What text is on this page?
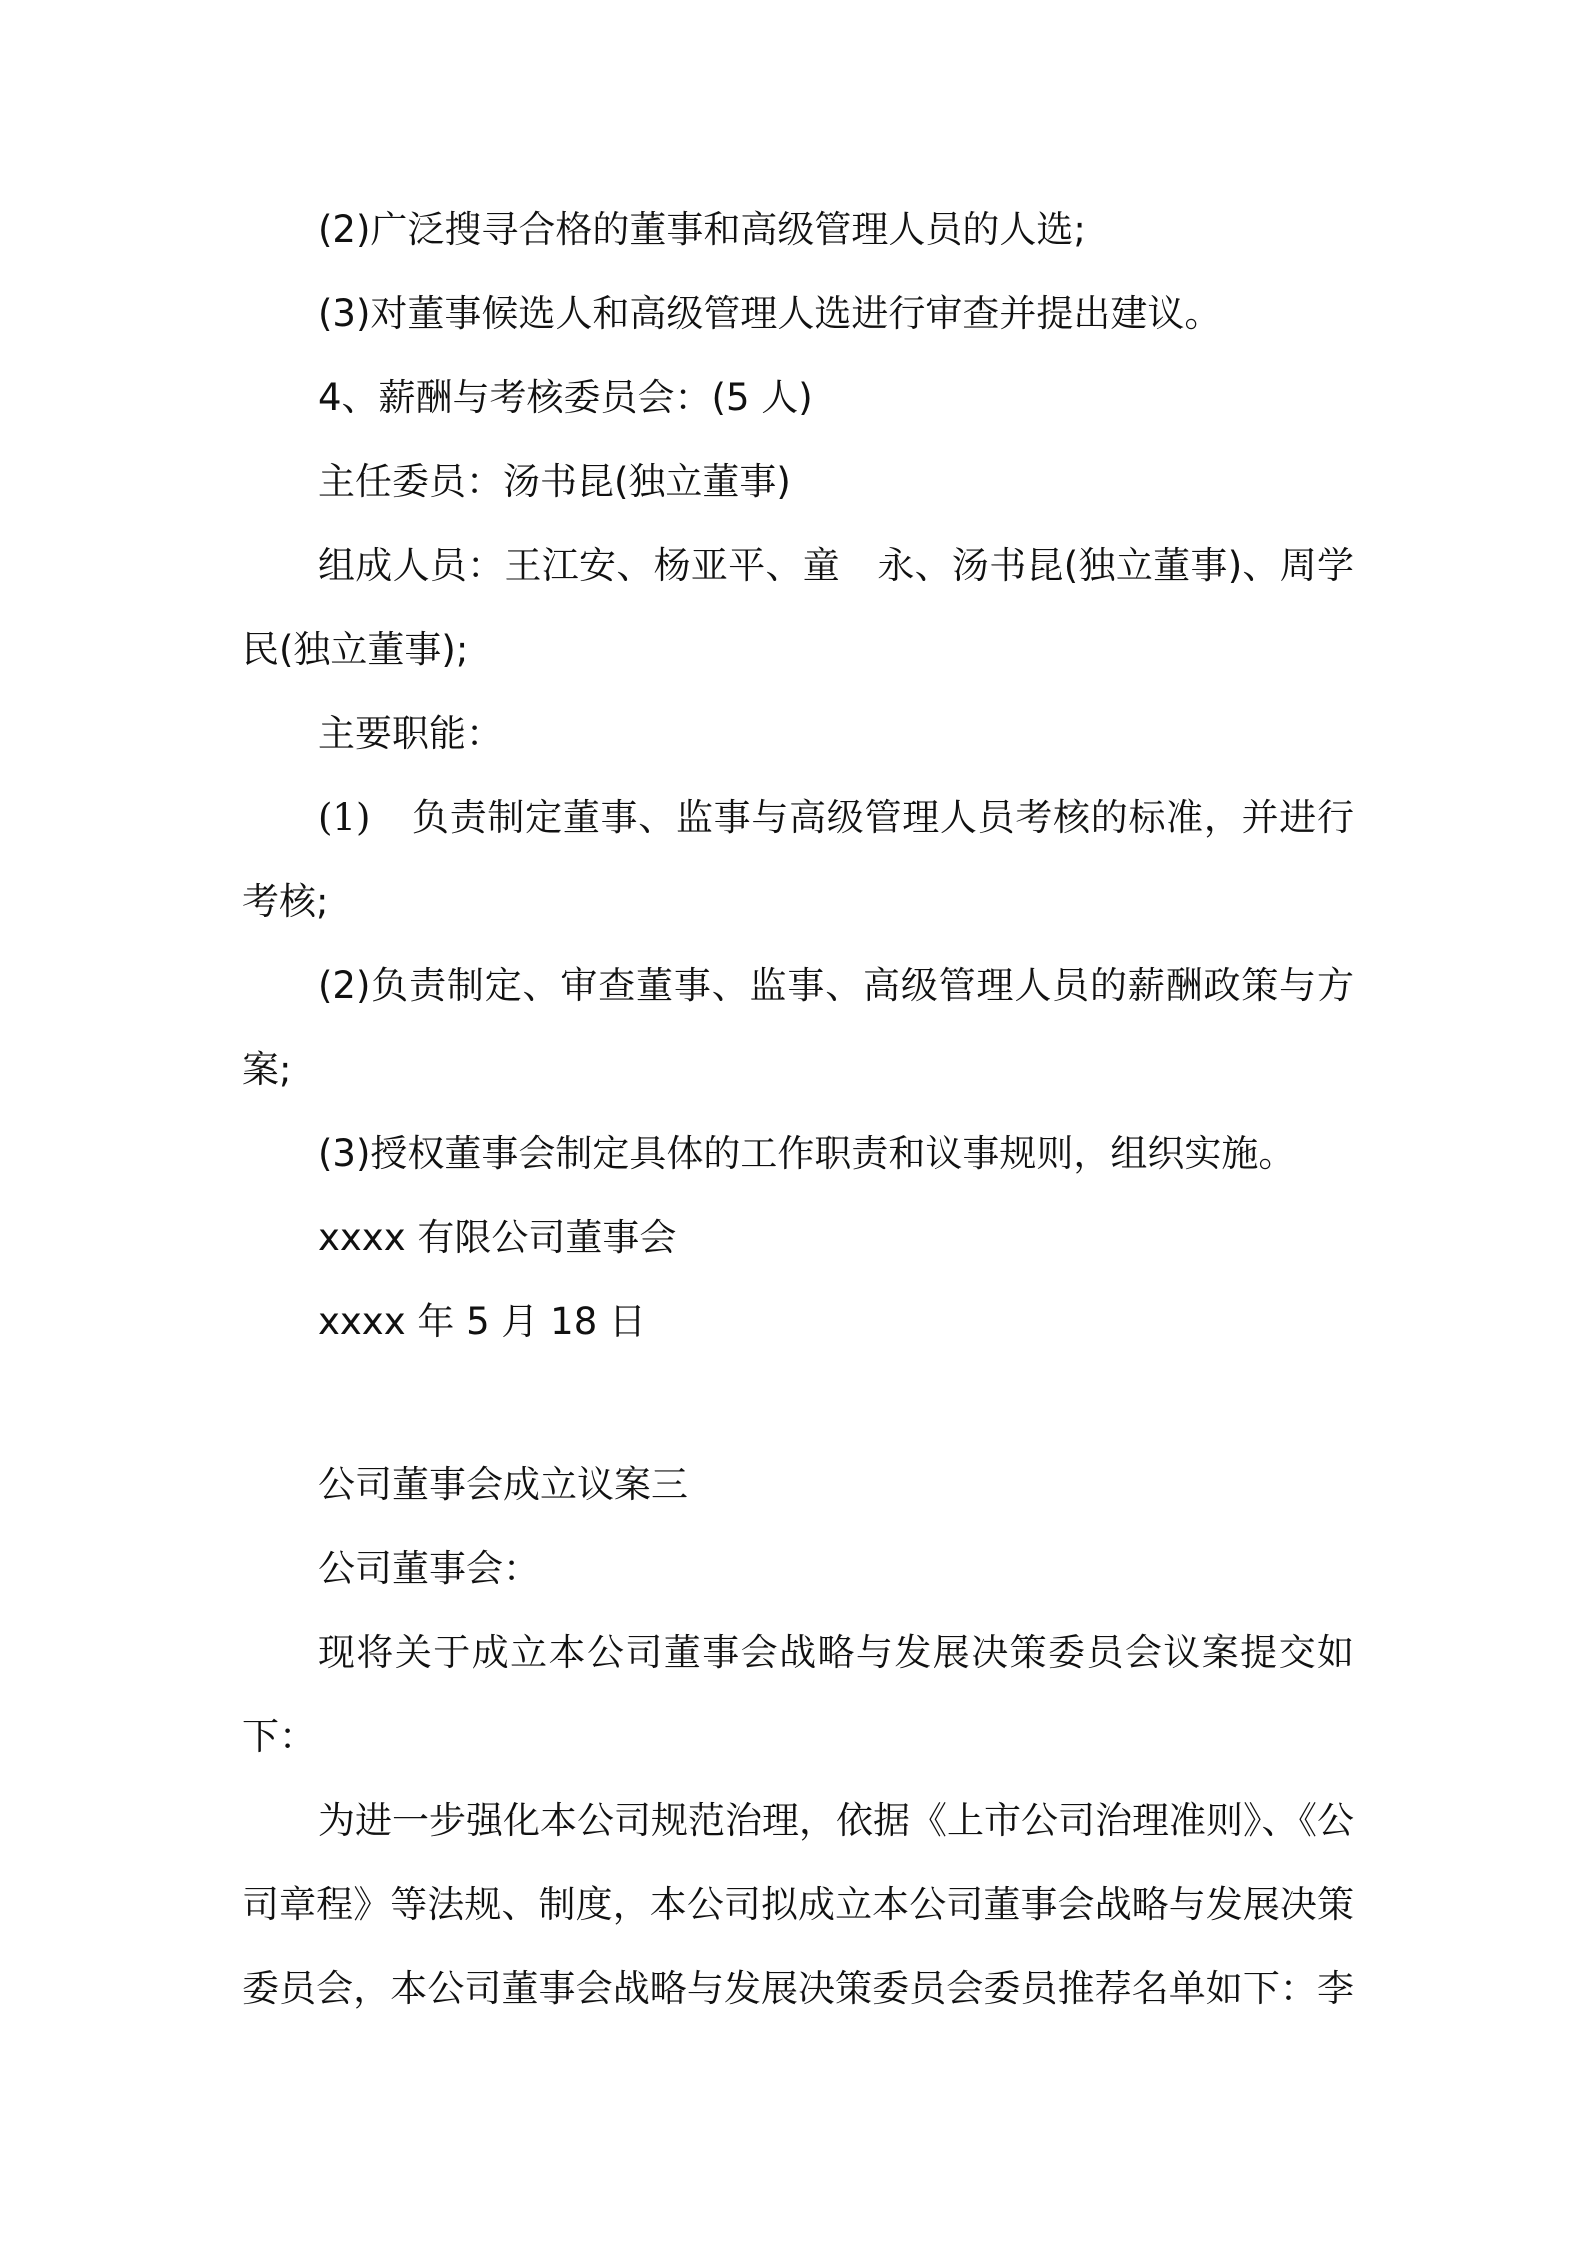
(2)广泛搜寻合格的董事和高级管理人员的人选;
(3)对董事候选人和高级管理人选进行审查并提出建议。
4、薪酬与考核委员会：(5 人)
主任委员：汤书昆(独立董事)
组成人员：王江安、杨亚平、童　永、汤书昆(独立董事)、周学
民(独立董事);
主要职能：
(1) 负责制定董事、监事与高级管理人员考核的标准，并进行
考核;
(2)负责制定、审查董事、监事、高级管理人员的薪酬政策与方
案;
(3)授权董事会制定具体的工作职责和议事规则，组织实施。
xxxx 有限公司董事会
xxxx 年 5 月 18 日
公司董事会成立议案三
公司董事会：
现将关于成立本公司董事会战略与发展决策委员会议案提交如
下：
为进一步强化本公司规范治理，依据《上市公司治理准则》、《公
司章程》等法规、制度，本公司拟成立本公司董事会战略与发展决策
委员会，本公司董事会战略与发展决策委员会委员推荐名单如下：李
